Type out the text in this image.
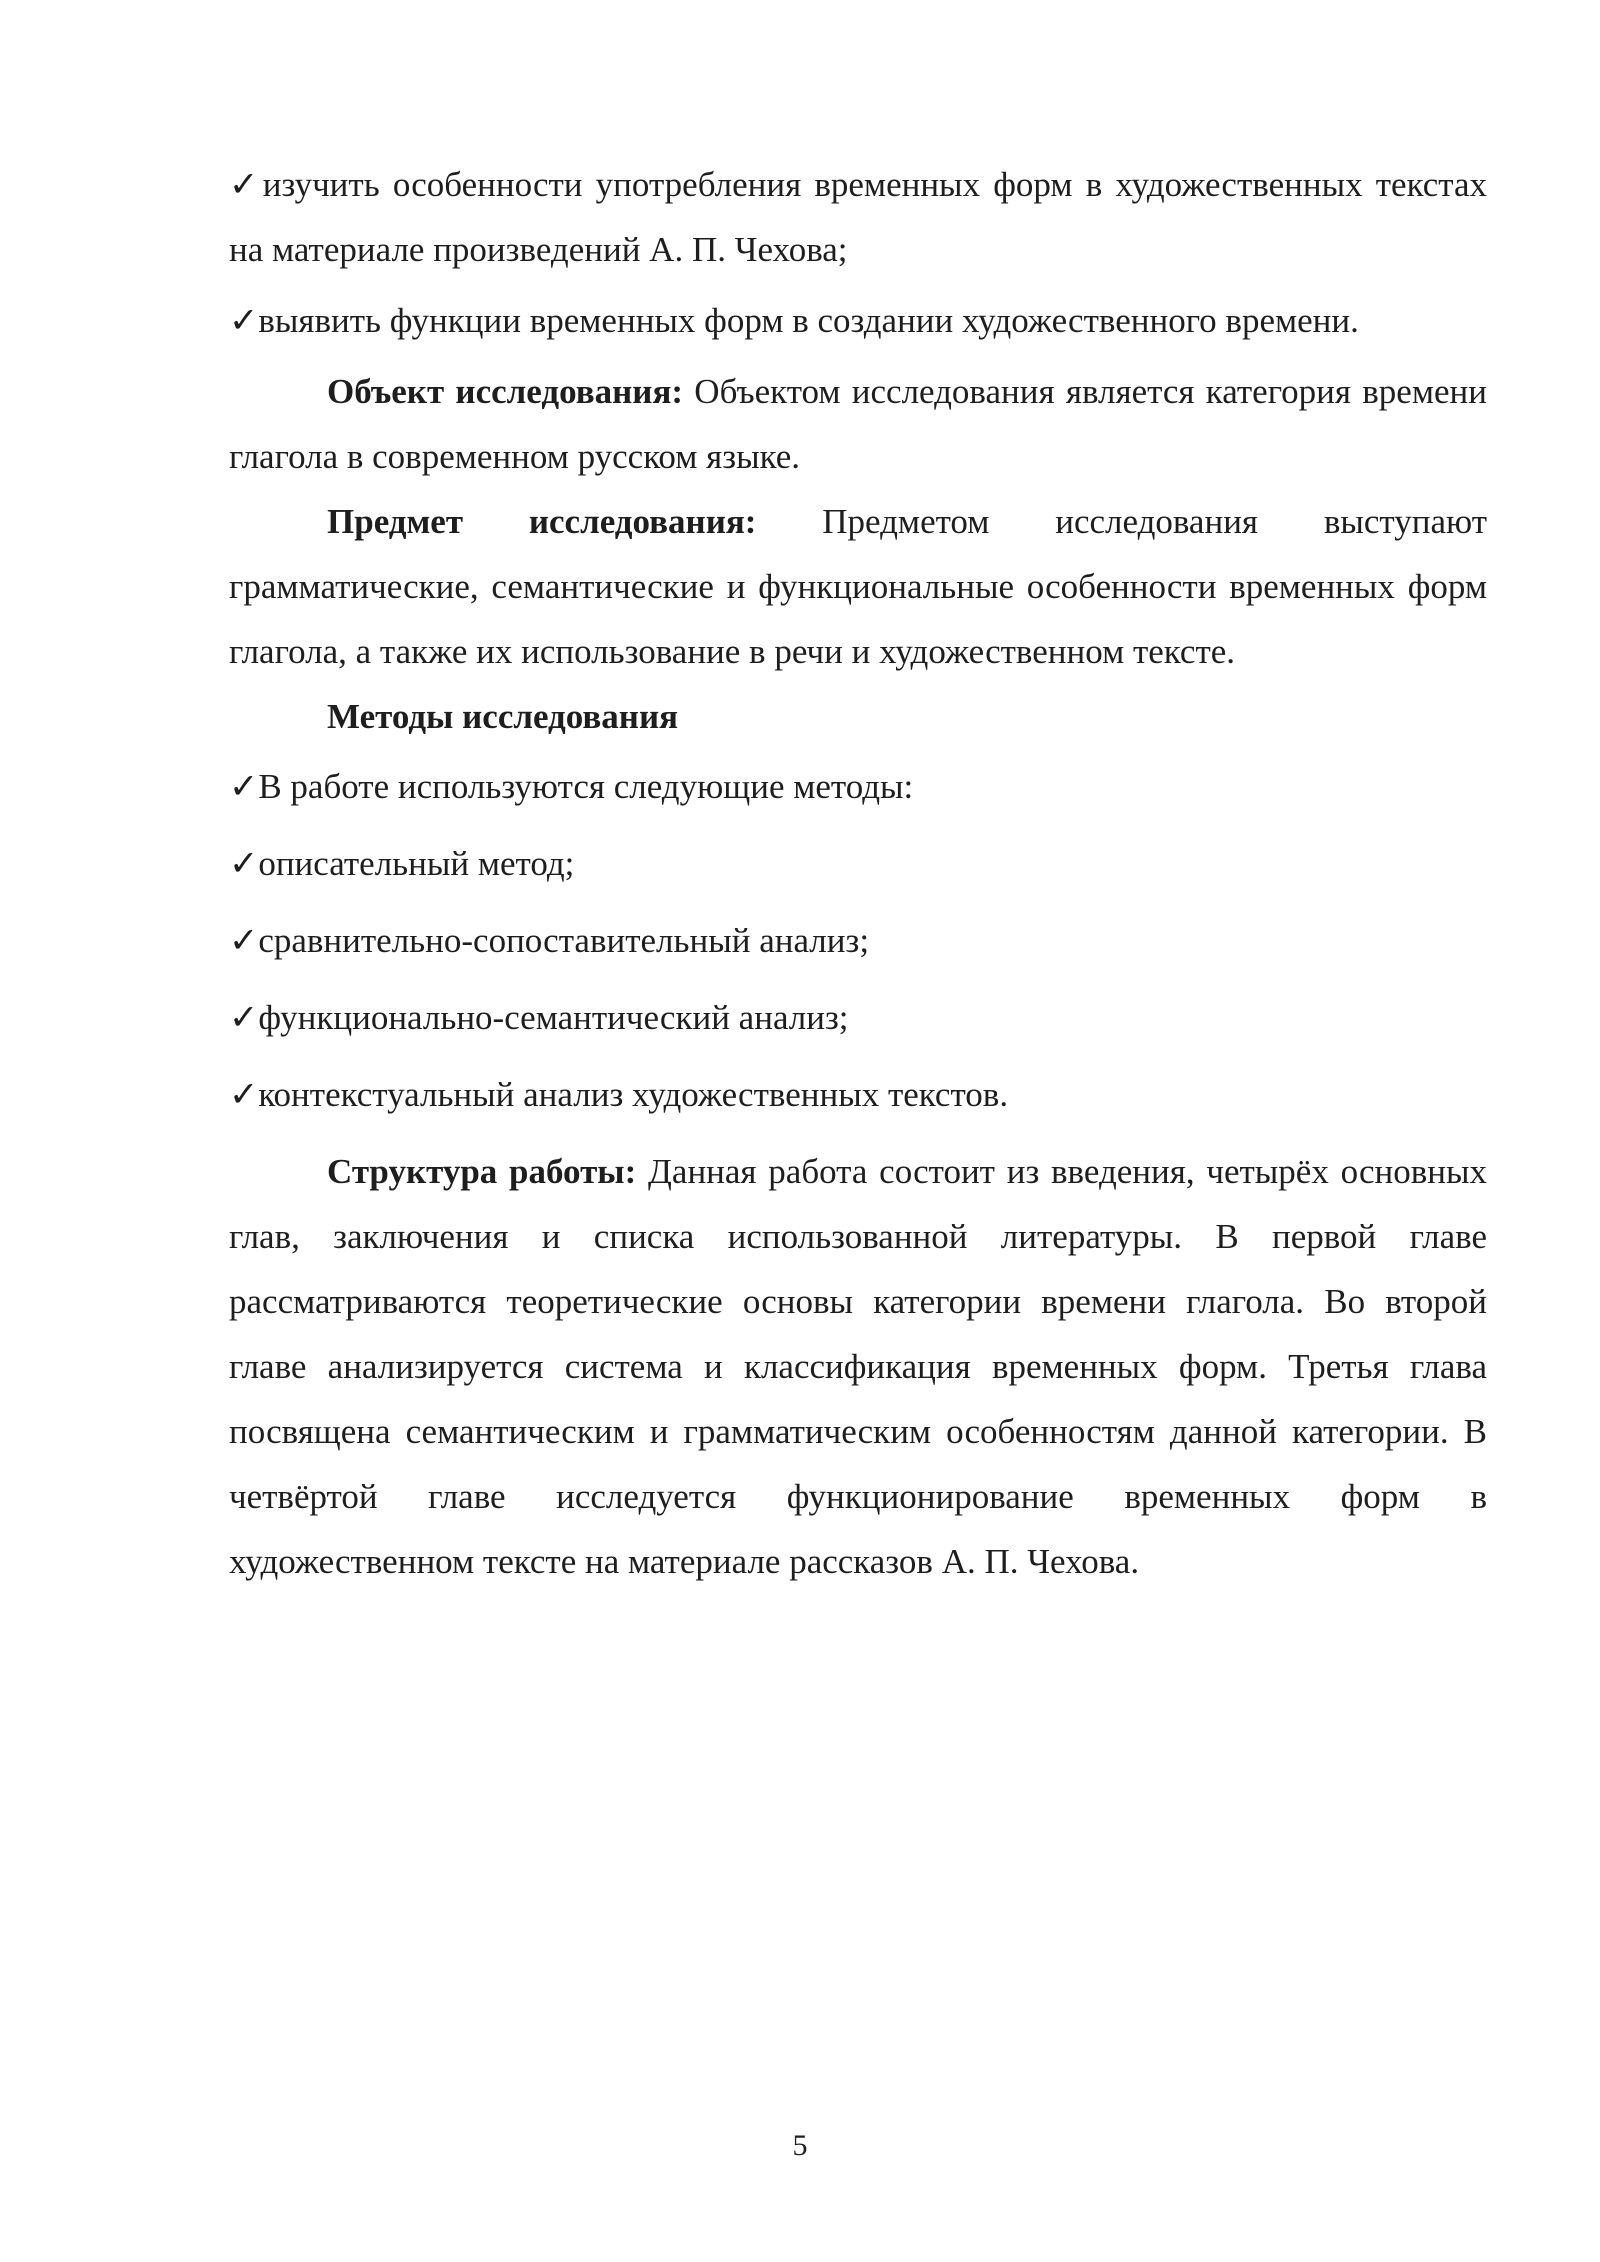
✓изучить особенности употребления временных форм в художественных текстах на материале произведений А. П. Чехова;

✓выявить функции временных форм в создании художественного времени.

Объект исследования: Объектом исследования является категория времени глагола в современном русском языке.

Предмет исследования: Предметом исследования выступают грамматические, семантические и функциональные особенности временных форм глагола, а также их использование в речи и художественном тексте.

Методы исследования

✓В работе используются следующие методы:

✓описательный метод;

✓сравнительно-сопоставительный анализ;

✓функционально-семантический анализ;

✓контекстуальный анализ художественных текстов.

Структура работы: Данная работа состоит из введения, четырёх основных глав, заключения и списка использованной литературы. В первой главе рассматриваются теоретические основы категории времени глагола. Во второй главе анализируется система и классификация временных форм. Третья глава посвящена семантическим и грамматическим особенностям данной категории. В четвёртой главе исследуется функционирование временных форм в художественном тексте на материале рассказов А. П. Чехова.

5
